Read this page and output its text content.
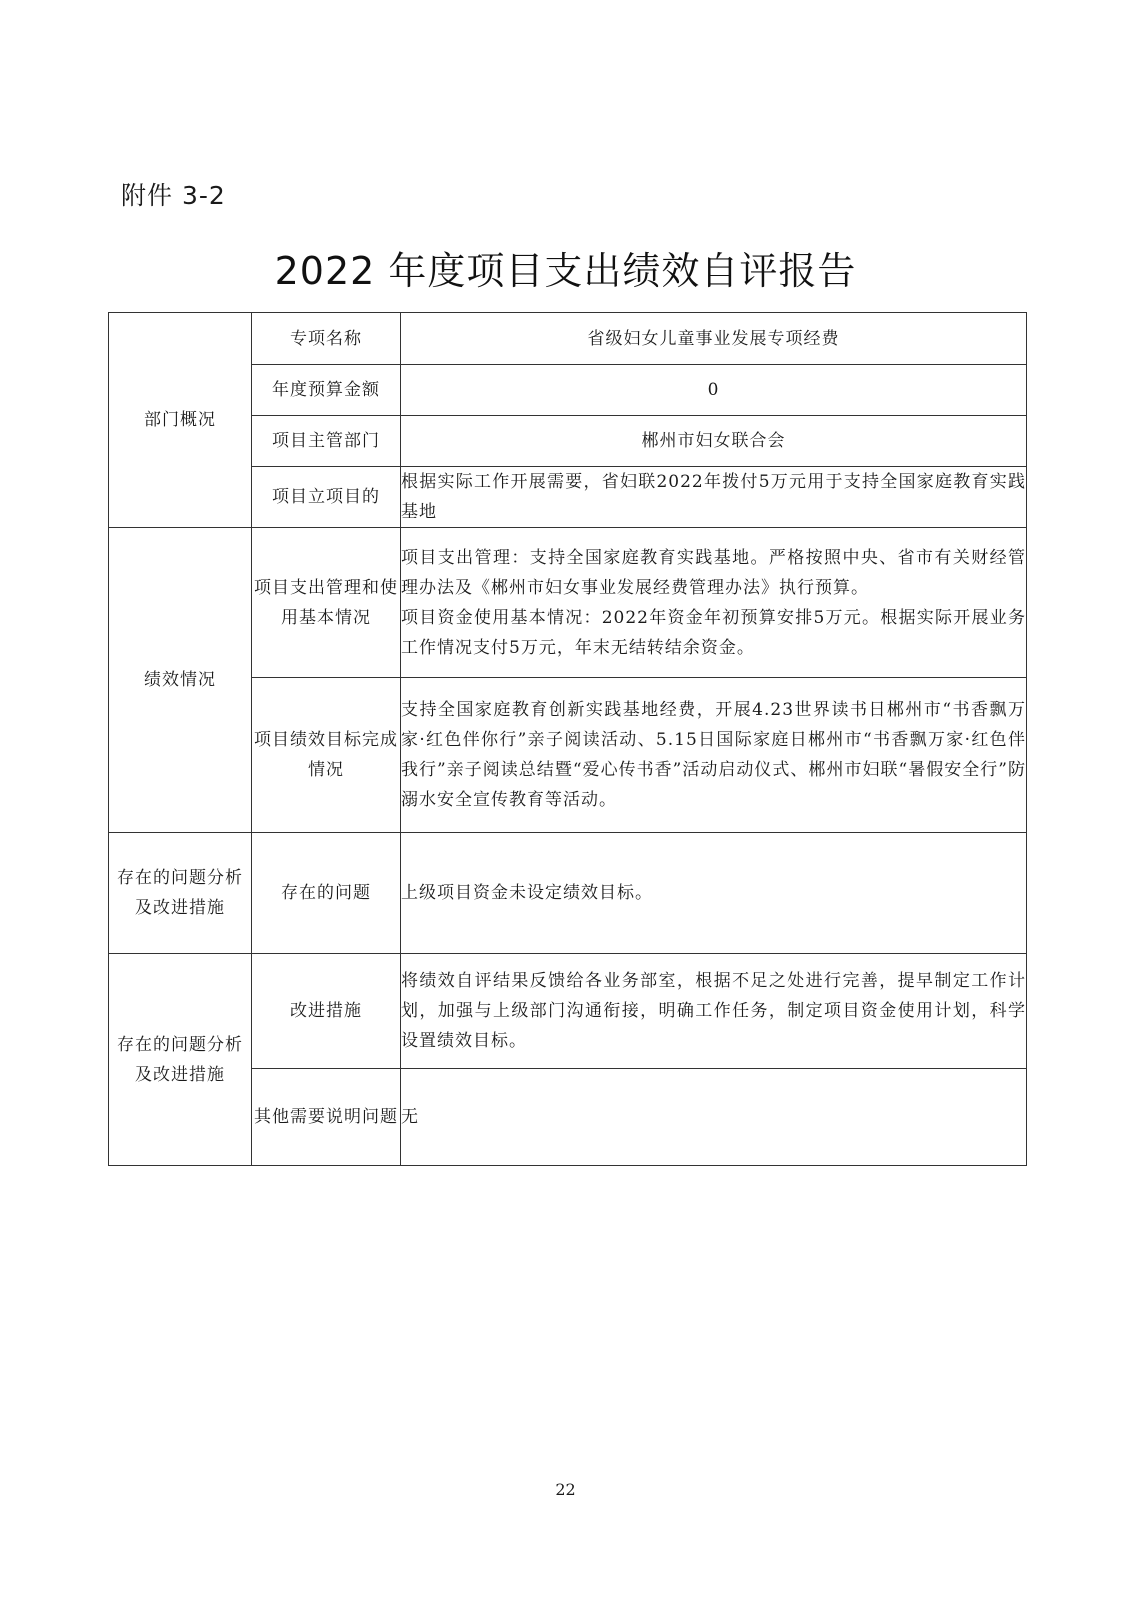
附件 3-2
2022 年度项目支出绩效自评报告
部门概况	专项名称	省级妇女儿童事业发展专项经费
	年度预算金额	0
	项目主管部门	郴州市妇女联合会
	项目立项目的	根据实际工作开展需要，省妇联2022年拨付5万元用于支持全国家庭教育实践基地
绩效情况	项目支出管理和使用基本情况	项目支出管理：支持全国家庭教育实践基地。严格按照中央、省市有关财经管理办法及《郴州市妇女事业发展经费管理办法》执行预算。
项目资金使用基本情况：2022年资金年初预算安排5万元。根据实际开展业务工作情况支付5万元，年末无结转结余资金。

	项目绩效目标完成情况	支持全国家庭教育创新实践基地经费，开展4.23世界读书日郴州市“书香飘万家·红色伴你行”亲子阅读活动、5.15日国际家庭日郴州市“书香飘万家·红色伴我行”亲子阅读总结暨“爱心传书香”活动启动仪式、郴州市妇联“暑假安全行”防溺水安全宣传教育等活动。
存在的问题分析及改进措施	存在的问题	上级项目资金未设定绩效目标。
存在的问题分析及改进措施	改进措施	将绩效自评结果反馈给各业务部室，根据不足之处进行完善，提早制定工作计划，加强与上级部门沟通衔接，明确工作任务，制定项目资金使用计划，科学设置绩效目标。
	其他需要说明问题	无
22
